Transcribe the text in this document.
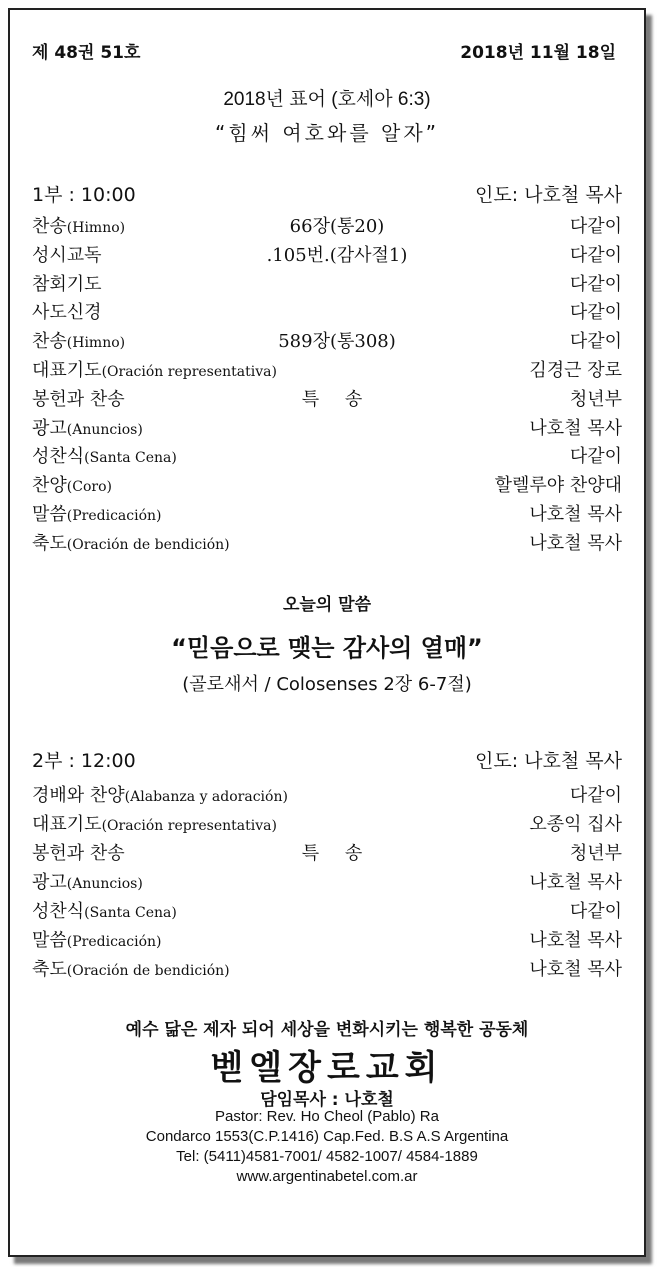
제 48권 51호	2018년 11월 18일
2018년 표어 (호세아 6:3)
“힘써 여호와를 알자”
1부 : 10:00	인도: 나호철 목사
찬송(Himno)	66장(통20)	다같이
성시교독	.105번.(감사절1)	다같이
참회기도	다같이
사도신경	다같이
찬송(Himno)	589장(통308)	다같이
대표기도(Oración representativa)	김경근 장로
봉헌과 찬송	특 송	청년부
광고(Anuncios)	나호철 목사
성찬식(Santa Cena)	다같이
찬양(Coro)	할렐루야 찬양대
말씀(Predicación)	나호철 목사
축도(Oración de bendición)	나호철 목사
오늘의 말씀
“믿음으로 맺는 감사의 열매”
(골로새서 / Colosenses 2장 6-7절)
2부 : 12:00	인도: 나호철 목사
경배와 찬양(Alabanza y adoración)	다같이
대표기도(Oración representativa)	오종익 집사
봉헌과 찬송	특 송	청년부
광고(Anuncios)	나호철 목사
성찬식(Santa Cena)	다같이
말씀(Predicación)	나호철 목사
축도(Oración de bendición)	나호철 목사
예수 닮은 제자 되어 세상을 변화시키는 행복한 공동체
벧엘장로교회
담임목사 : 나호철
Pastor: Rev. Ho Cheol (Pablo) Ra
Condarco 1553(C.P.1416) Cap.Fed. B.S A.S Argentina
Tel: (5411)4581-7001/ 4582-1007/ 4584-1889
www.argentinabetel.com.ar
